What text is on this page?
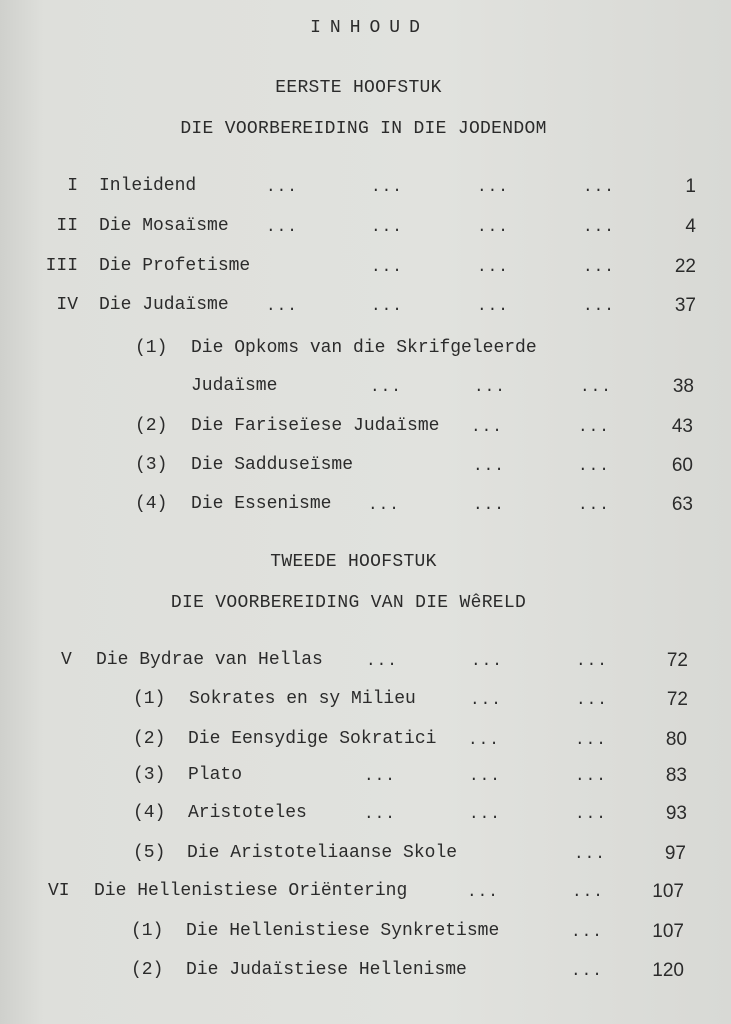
INHOUD
EERSTE HOOFSTUK
DIE VOORBEREIDING IN DIE JODENDOM
I Inleidend	...	...	...	...	1
II Die Mosaïsme ...	...	...	...	4
III Die Profetisme	...	...	...	22
IV Die Judaïsme ...	...	...	...	37
(1) Die Opkoms van die Skrifgeleerde
Judaïsme	...	...	...	38
(2) Die Fariseïese Judaïsme ...	...	43
(3) Die Sadduseïsme	...	...	60
(4) Die Essenisme ...	...	...	63
TWEEDE HOOFSTUK
DIE VOORBEREIDING VAN DIE WêRELD
V Die Bydrae van Hellas	...	...	...	72
(1) Sokrates en sy Milieu	...	...	72
(2) Die Eensydige Sokratici ...	...	80
(3) Plato	...	...	...	83
(4) Aristoteles	...	...	...	93
(5) Die Aristoteliaanse Skole	...	97
VI Die Hellenistiese Oriëntering	...	...	107
(1) Die Hellenistiese Synkretisme	...	107
(2) Die Judaïstiese Hellenisme	...	120
